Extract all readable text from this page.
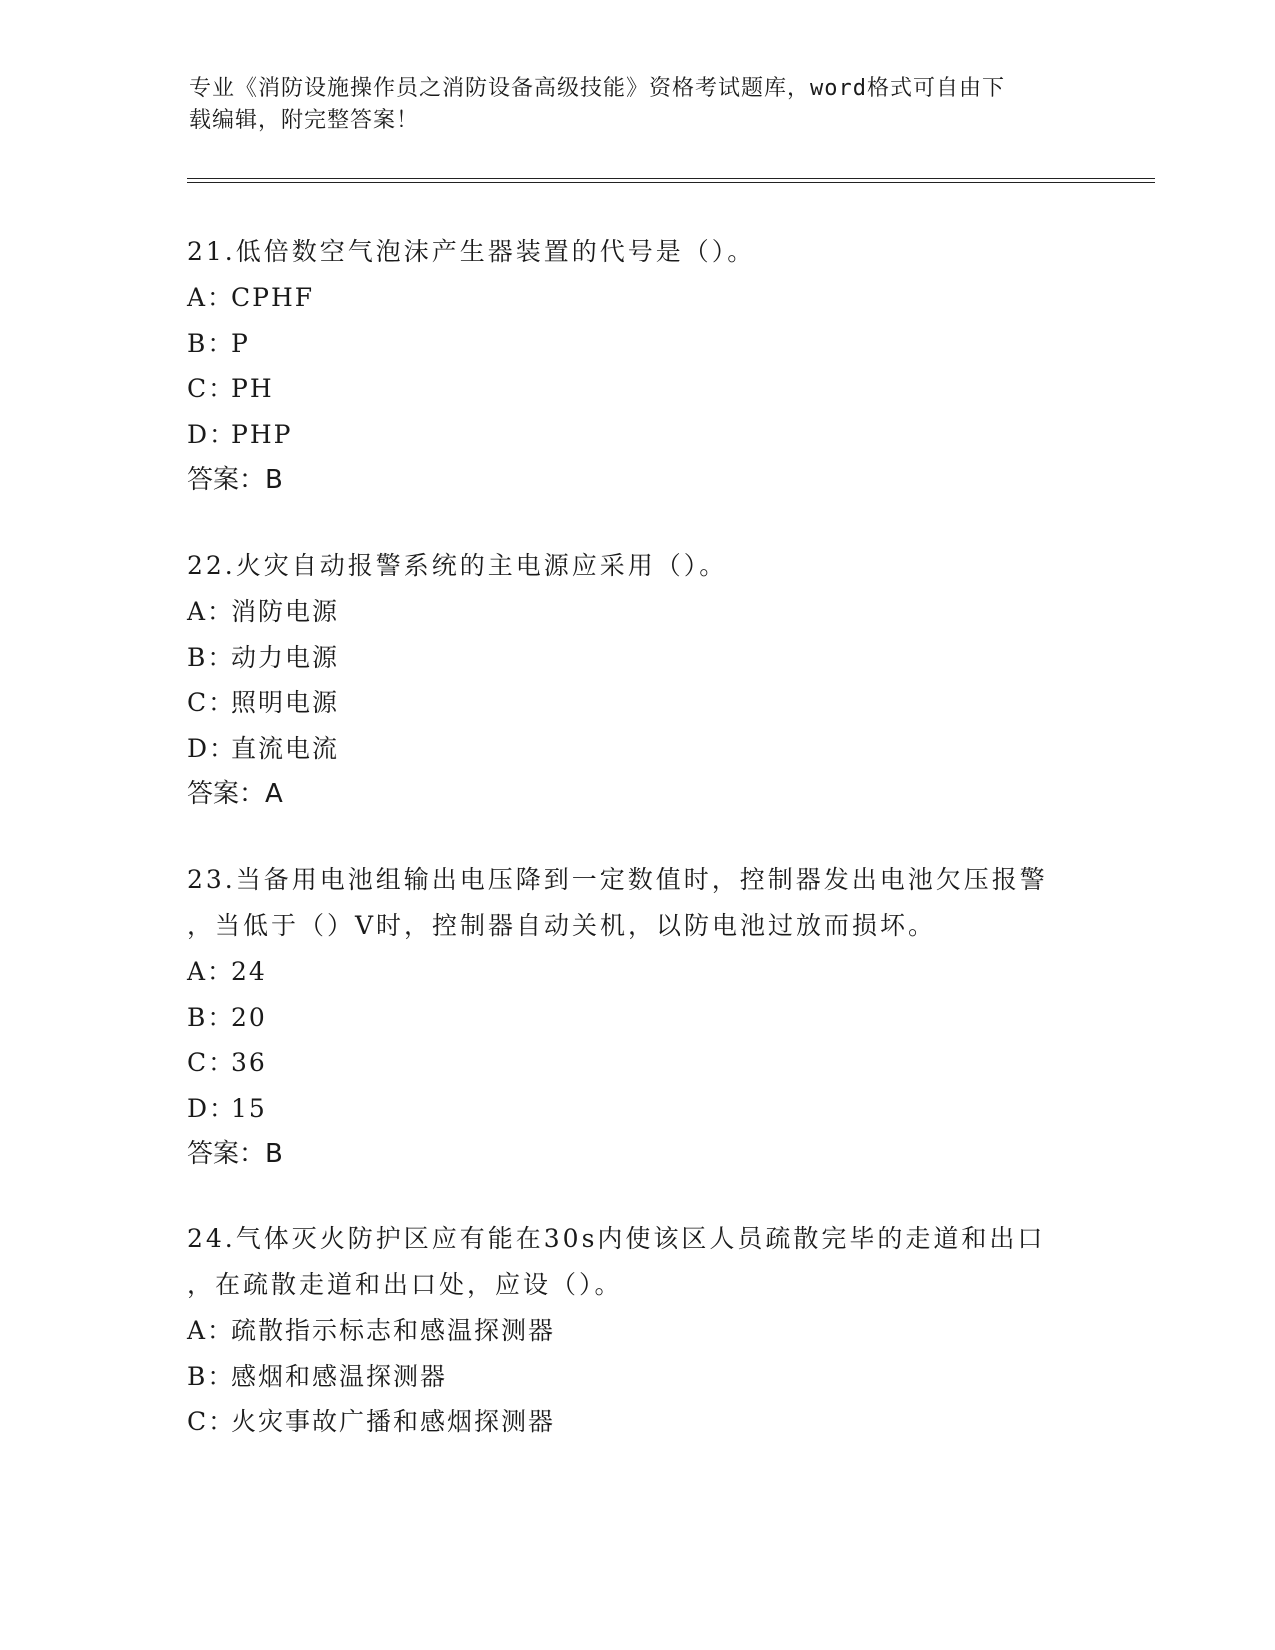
专业《消防设施操作员之消防设备高级技能》资格考试题库，word格式可自由下
载编辑，附完整答案！
21.低倍数空气泡沫产生器装置的代号是（）。
A：CPHF
B：P
C：PH
D：PHP
答案：B
22.火灾自动报警系统的主电源应采用（）。
A：消防电源
B：动力电源
C：照明电源
D：直流电流
答案：A
23.当备用电池组输出电压降到一定数值时，控制器发出电池欠压报警
，当低于（）V时，控制器自动关机，以防电池过放而损坏。
A：24
B：20
C：36
D：15
答案：B
24.气体灭火防护区应有能在30s内使该区人员疏散完毕的走道和出口
，在疏散走道和出口处，应设（）。
A：疏散指示标志和感温探测器
B：感烟和感温探测器
C：火灾事故广播和感烟探测器
